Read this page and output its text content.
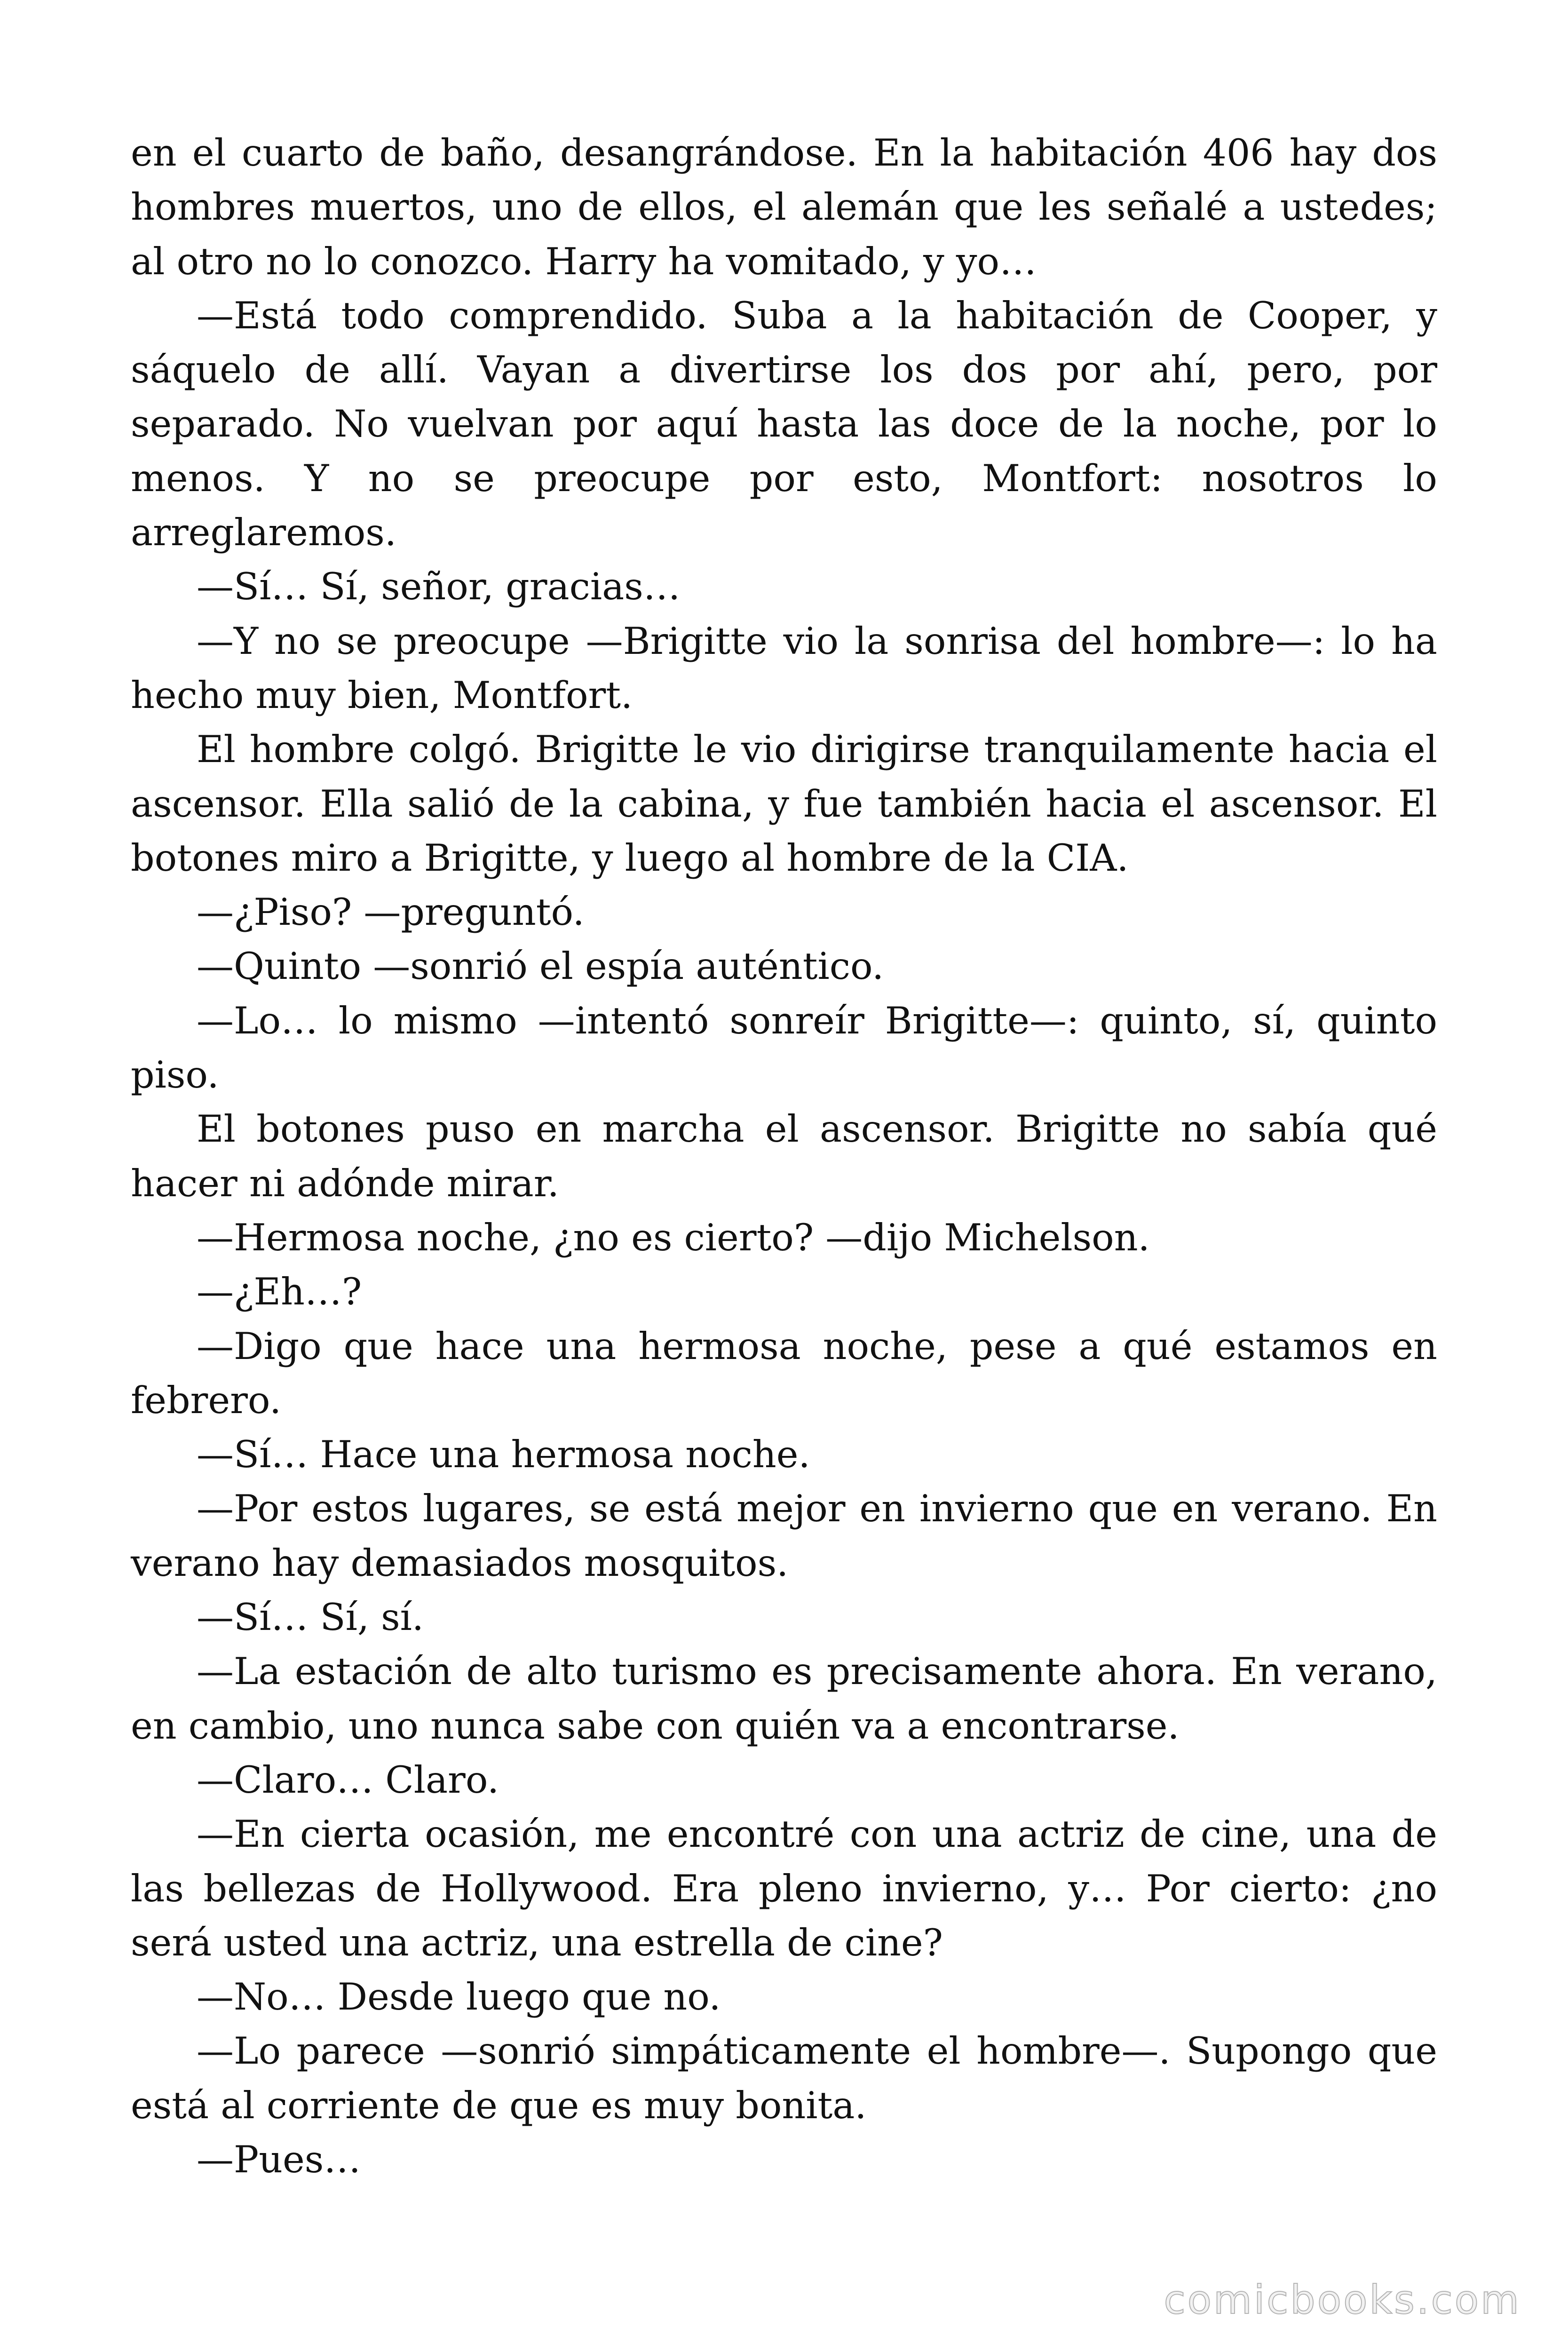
en el cuarto de baño, desangrándose. En la habitación 406 hay dos hombres muertos, uno de ellos, el alemán que les señalé a ustedes; al otro no lo conozco. Harry ha vomitado, y yo…

—Está todo comprendido. Suba a la habitación de Cooper, y sáquelo de allí. Vayan a divertirse los dos por ahí, pero, por separado. No vuelvan por aquí hasta las doce de la noche, por lo menos. Y no se preocupe por esto, Montfort: nosotros lo arreglaremos.

—Sí… Sí, señor, gracias…

—Y no se preocupe —Brigitte vio la sonrisa del hombre—: lo ha hecho muy bien, Montfort.

El hombre colgó. Brigitte le vio dirigirse tranquilamente hacia el ascensor. Ella salió de la cabina, y fue también hacia el ascensor. El botones miro a Brigitte, y luego al hombre de la CIA.

—¿Piso? —preguntó.

—Quinto —sonrió el espía auténtico.

—Lo… lo mismo —intentó sonreír Brigitte—: quinto, sí, quinto piso.

El botones puso en marcha el ascensor. Brigitte no sabía qué hacer ni adónde mirar.

—Hermosa noche, ¿no es cierto? —dijo Michelson.

—¿Eh…?

—Digo que hace una hermosa noche, pese a qué estamos en febrero.

—Sí… Hace una hermosa noche.

—Por estos lugares, se está mejor en invierno que en verano. En verano hay demasiados mosquitos.

—Sí… Sí, sí.

—La estación de alto turismo es precisamente ahora. En verano, en cambio, uno nunca sabe con quién va a encontrarse.

—Claro… Claro.

—En cierta ocasión, me encontré con una actriz de cine, una de las bellezas de Hollywood. Era pleno invierno, y… Por cierto: ¿no será usted una actriz, una estrella de cine?

—No… Desde luego que no.

—Lo parece —sonrió simpáticamente el hombre—. Supongo que está al corriente de que es muy bonita.

—Pues…

comicbooks.com
